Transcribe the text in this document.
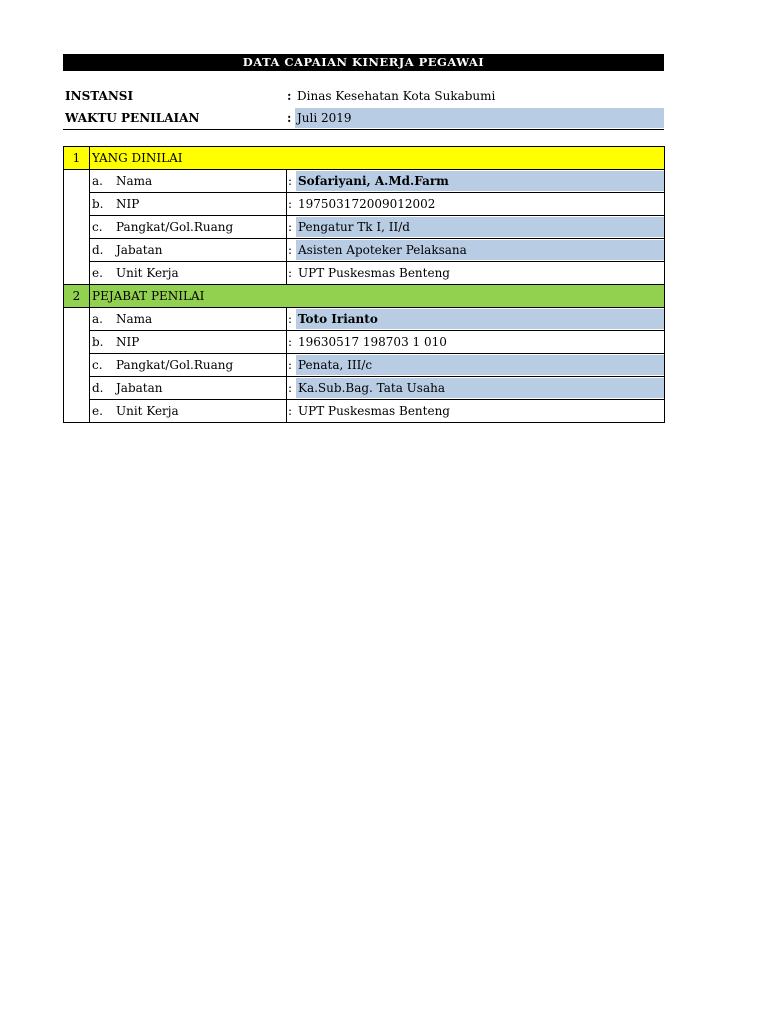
DATA CAPAIAN KINERJA PEGAWAI
INSTANSI	: Dinas Kesehatan Kota Sukabumi
WAKTU PENILAIAN	: Juli 2019
1	YANG DINILAI	
	a. Nama	: Sofariyani, A.Md.Farm

	b. NIP	: 197503172009012002

	c. Pangkat/Gol.Ruang	: Pengatur Tk I, II/d

	d. Jabatan	: Asisten Apoteker Pelaksana

	e. Unit Kerja	: UPT Puskesmas Benteng

2	PEJABAT PENILAI	
	a. Nama	: Toto Irianto

	b. NIP	: 19630517 198703 1 010

	c. Pangkat/Gol.Ruang	: Penata, III/c

	d. Jabatan	: Ka.Sub.Bag. Tata Usaha

	e. Unit Kerja	: UPT Puskesmas Benteng
